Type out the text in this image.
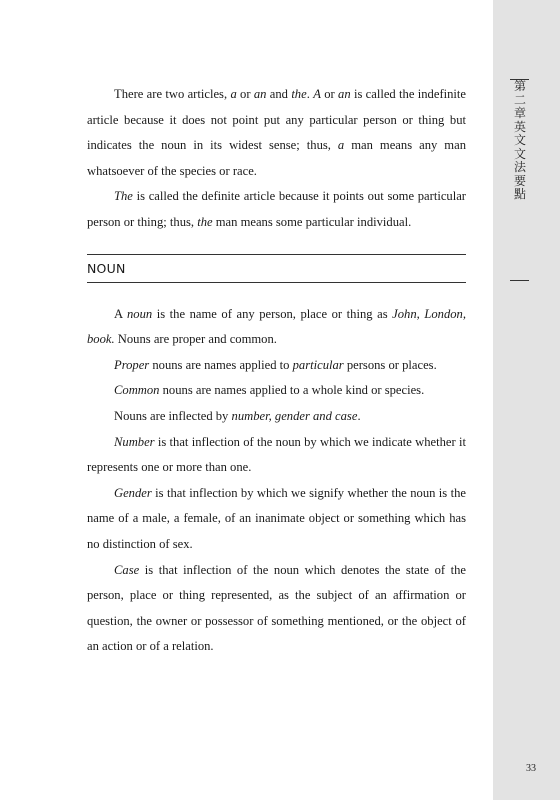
There are two articles, a or an and the. A or an is called the indefinite article because it does not point put any particular person or thing but indicates the noun in its widest sense; thus, a man means any man whatsoever of the species or race.

The is called the definite article because it points out some particular person or thing; thus, the man means some particular individual.

NOUN

A noun is the name of any person, place or thing as John, London, book. Nouns are proper and common.

Proper nouns are names applied to particular persons or places.

Common nouns are names applied to a whole kind or species.

Nouns are inflected by number, gender and case.

Number is that inflection of the noun by which we indicate whether it represents one or more than one.

Gender is that inflection by which we signify whether the noun is the name of a male, a female, of an inanimate object or something which has no distinction of sex.

Case is that inflection of the noun which denotes the state of the person, place or thing represented, as the subject of an affirmation or question, the owner or possessor of something mentioned, or the object of an action or of a relation.

第二章　英文文法要點
33
